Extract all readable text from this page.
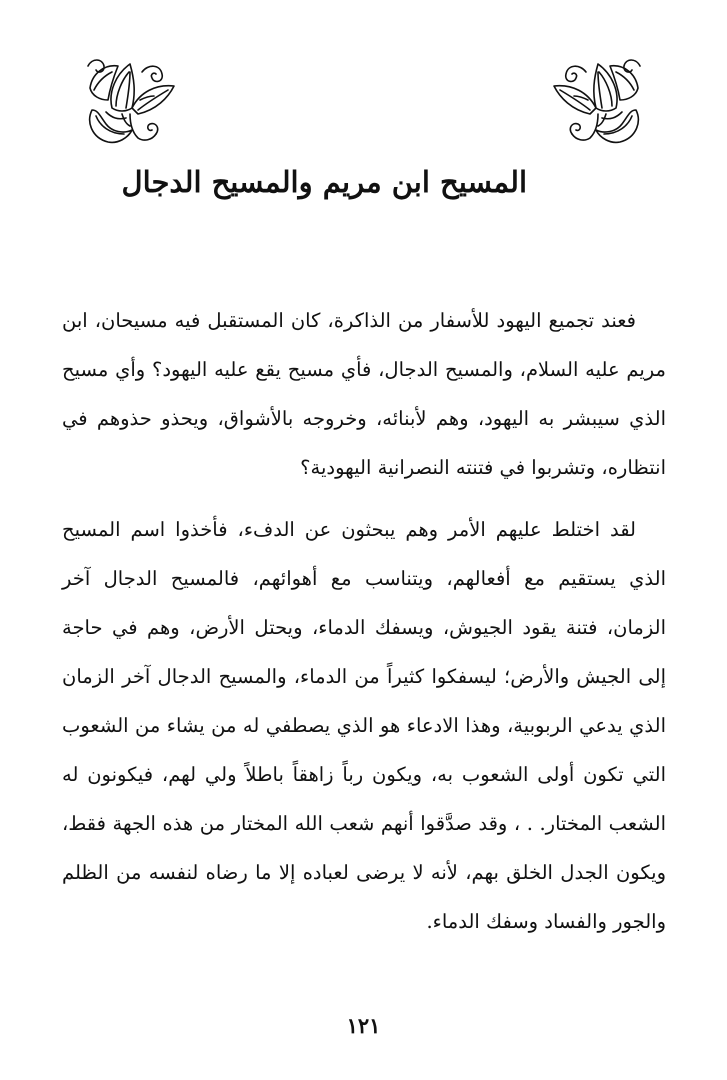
المسيح ابن مريم والمسيح الدجال

فعند تجميع اليهود للأسفار من الذاكرة، كان المستقبل فيه مسيحان، ابن مريم عليه السلام، والمسيح الدجال، فأي مسيح يقع عليه اليهود؟ وأي مسيح الذي سيبشر به اليهود، وهم لأبنائه، وخروجه بالأشواق، ويحذو حذوهم في انتظاره، وتشربوا في فتنته النصرانية اليهودية؟

لقد اختلط عليهم الأمر وهم يبحثون عن الدفء، فأخذوا اسم المسيح الذي يستقيم مع أفعالهم، ويتناسب مع أهوائهم، فالمسيح الدجال آخر الزمان، فتنة يقود الجيوش، ويسفك الدماء، ويحتل الأرض، وهم في حاجة إلى الجيش والأرض؛ ليسفكوا كثيراً من الدماء، والمسيح الدجال آخر الزمان الذي يدعي الربوبية، وهذا الادعاء هو الذي يصطفي له من يشاء من الشعوب التي تكون أولى الشعوب به، ويكون رباً زاهقاً باطلاً ولي لهم، فيكونون له الشعب المختار. . ، وقد صدَّقوا أنهم شعب الله المختار من هذه الجهة فقط، ويكون الجدل الخلق بهم، لأنه لا يرضى لعباده إلا ما رضاه لنفسه من الظلم والجور والفساد وسفك الدماء.

١٢١
